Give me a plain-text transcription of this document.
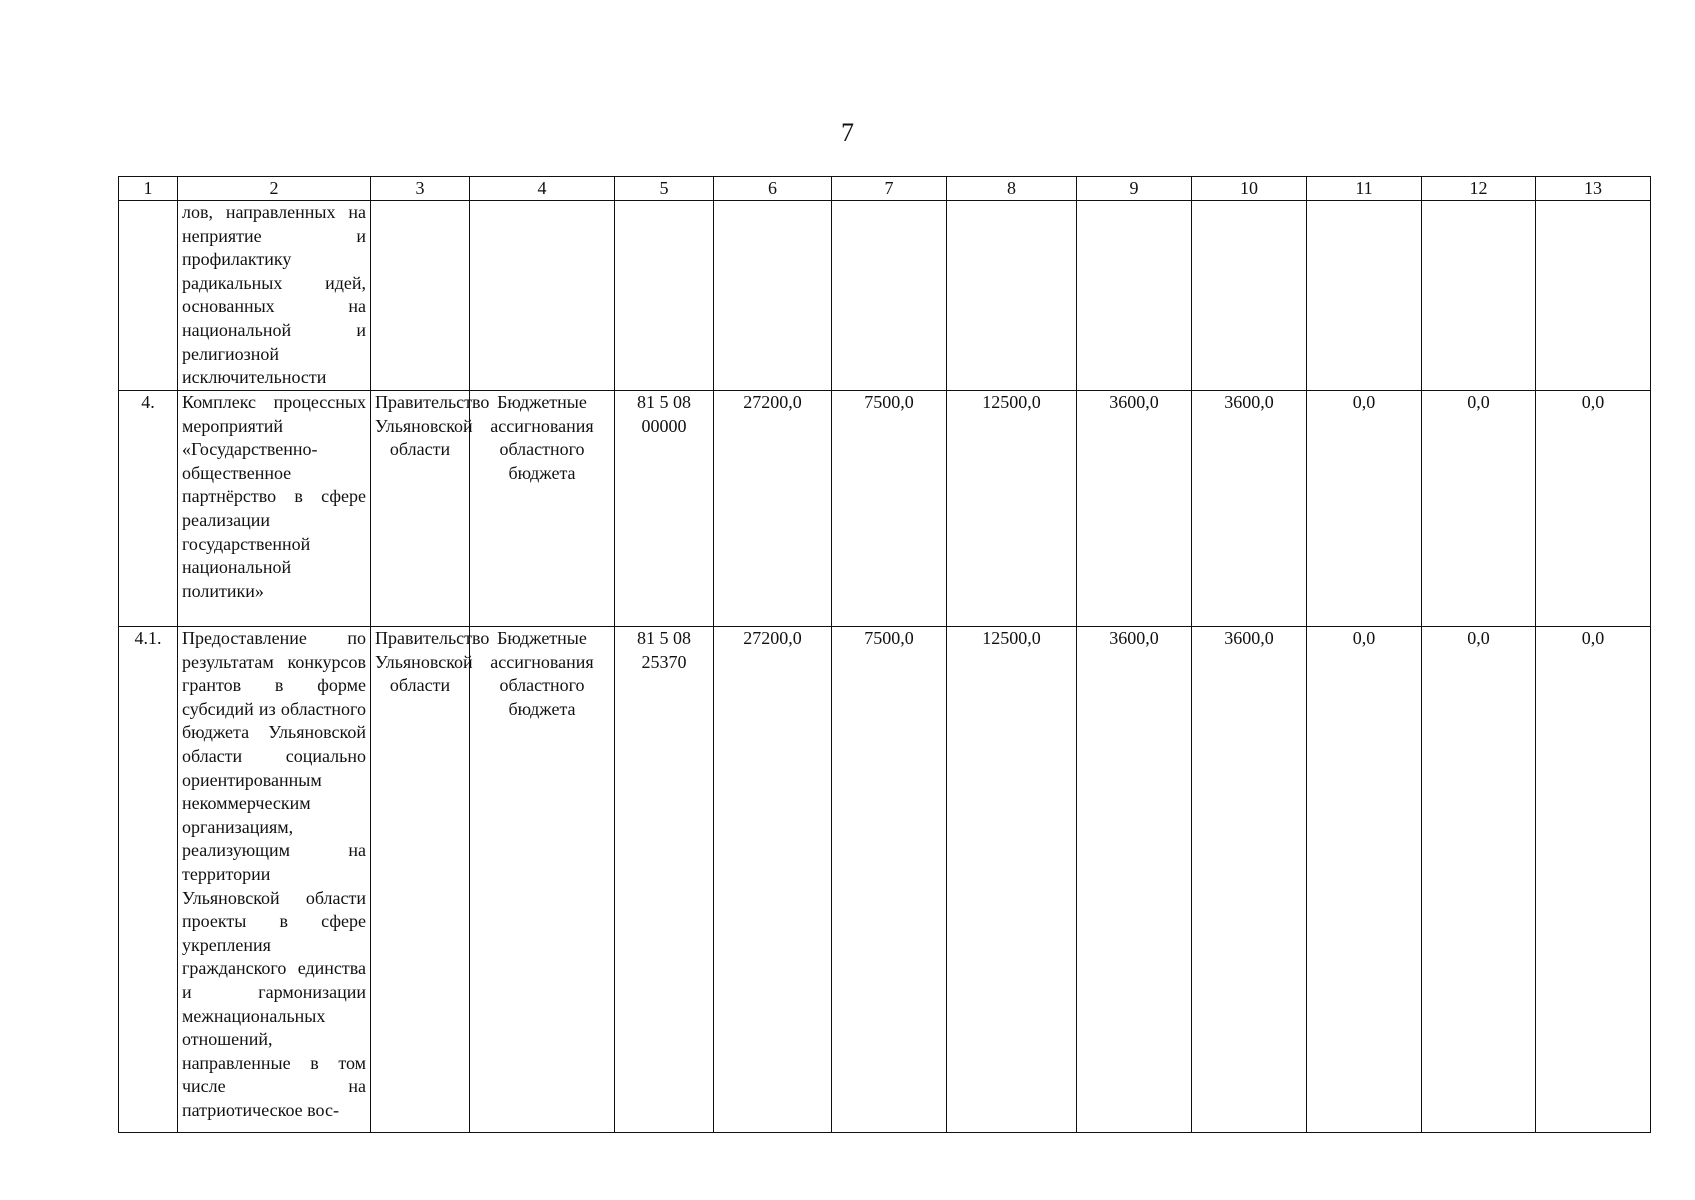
7
1	2	3	4	5	6	7	8	9	10	11	12	13
	лов, направленных на неприятие и профилактику радикальных идей, основанных на национальной и религиозной исключительности											
4.	Комплекс процессных мероприятий «Государственно-общественное партнёрство в сфере реализации государственной национальной политики»	Правительство Ульяновской области	Бюджетные ассигнования областного бюджета	81 5 08 00000	27200,0	7500,0	12500,0	3600,0	3600,0	0,0	0,0	0,0
4.1.	Предоставление по результатам конкурсов грантов в форме субсидий из областного бюджета Ульяновской области социально ориентированным некоммерческим организациям, реализующим на территории Ульяновской области проекты в сфере укрепления гражданского единства и гармонизации межнациональных отношений, направленные в том числе на патриотическое вос-	Правительство Ульяновской области	Бюджетные ассигнования областного бюджета	81 5 08 25370	27200,0	7500,0	12500,0	3600,0	3600,0	0,0	0,0	0,0
